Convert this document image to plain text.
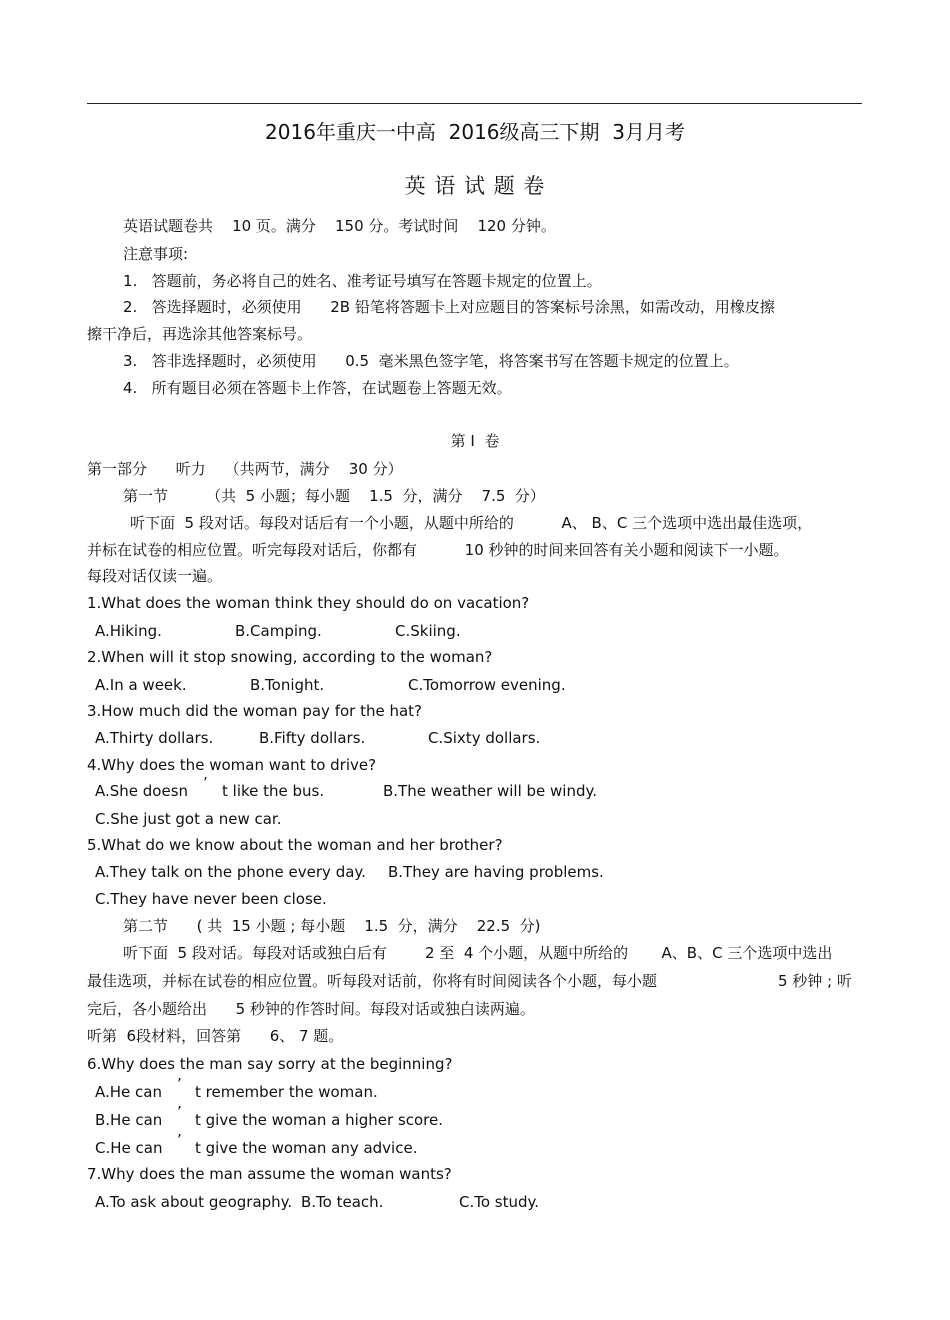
2016年重庆一中高  2016级高三下期  3月月考
英 语 试 题 卷
英语试题卷共    10 页。满分    150 分。考试时间    120 分钟。
注意事项:
1.   答题前，务必将自己的姓名、准考证号填写在答题卡规定的位置上。
2.   答选择题时，必须使用      2B 铅笔将答题卡上对应题目的答案标号涂黑，如需改动，用橡皮擦
擦干净后，再选涂其他答案标号。
3.   答非选择题时，必须使用      0.5  毫米黑色签字笔，将答案书写在答题卡规定的位置上。
4.   所有题目必须在答题卡上作答，在试题卷上答题无效。
第 I  卷
第一部分      听力    （共两节，满分    30 分）
第一节        （共  5 小题；每小题    1.5  分，满分    7.5  分）
听下面  5 段对话。每段对话后有一个小题，从题中所给的          A、 B、C 三个选项中选出最佳选项，
并标在试卷的相应位置。听完每段对话后，你都有          10 秒钟的时间来回答有关小题和阅读下一小题。
每段对话仅读一遍。
1.What does the woman think they should do on vacation?
A.Hiking.	B.Camping.	C.Skiing.
2.When will it stop snowing, according to the woman?
A.In a week.	B.Tonight.	C.Tomorrow evening.
3.How much did the woman pay for the hat?
A.Thirty dollars.	B.Fifty dollars.	C.Sixty dollars.
4.Why does the woman want to drive?
A.She doesn ’ t like the bus.	B.The weather will be windy.
C.She just got a new car.
5.What do we know about the woman and her brother?
A.They talk on the phone every day. B.They are having problems.
C.They have never been close.
第二节      ( 共  15 小题 ; 每小题    1.5  分，满分    22.5  分)
听下面  5 段对话。每段对话或独白后有        2 至  4 个小题，从题中所给的       A、B、C 三个选项中选出
最佳选项，并标在试卷的相应位置。听每段对话前，你将有时间阅读各个小题，每小题	5 秒钟 ; 听
完后，各小题给出      5 秒钟的作答时间。每段对话或独白读两遍。
听第  6段材料，回答第      6、 7 题。
6.Why does the man say sorry at the beginning?
A.He can ’ t remember the woman.
B.He can ’ t give the woman a higher score.
C.He can ’ t give the woman any advice.
7.Why does the man assume the woman wants?
A.To ask about geography. B.To teach.	C.To study.
